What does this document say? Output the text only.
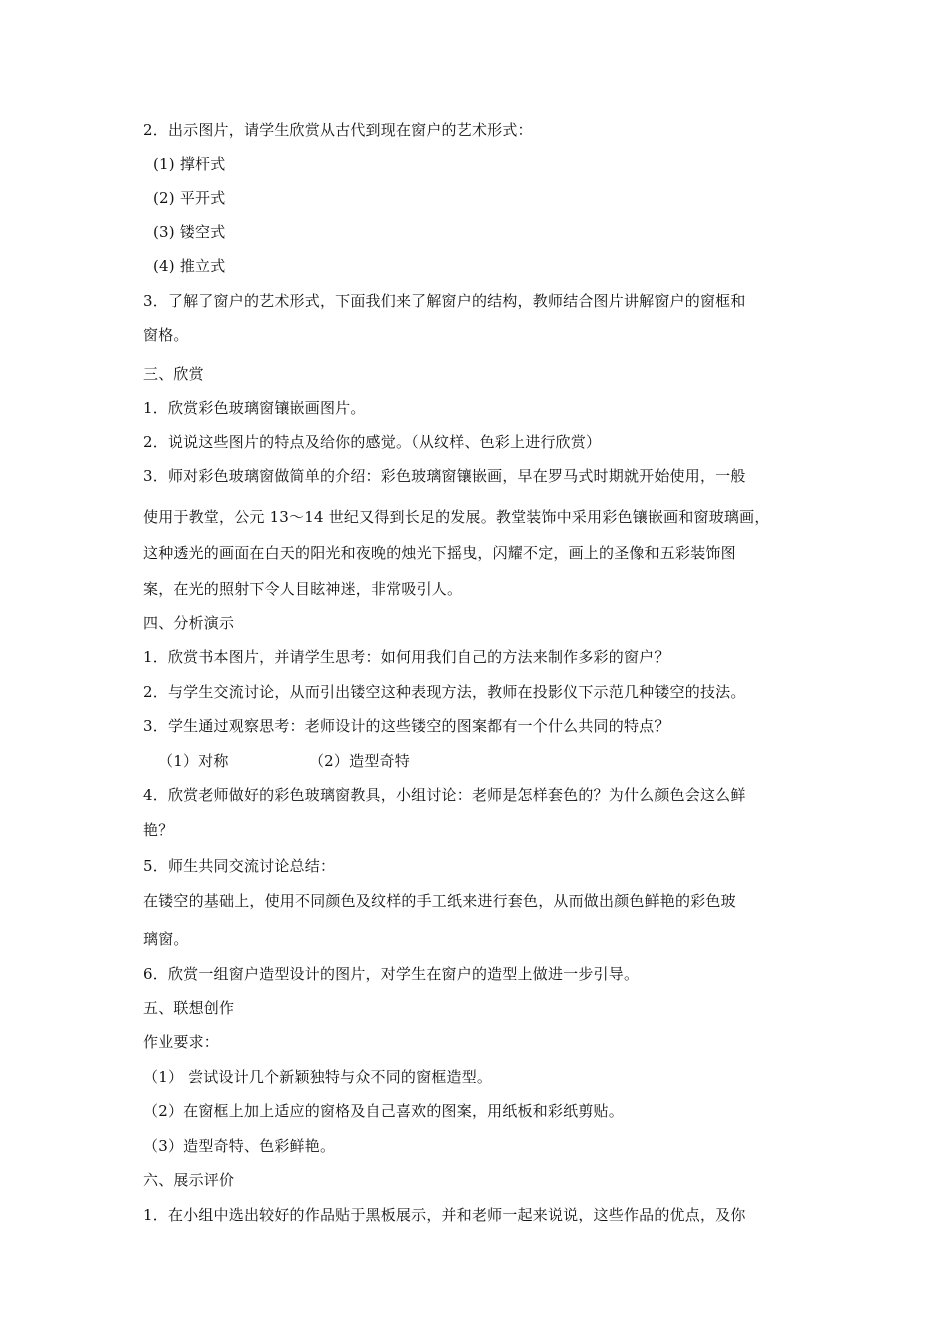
2．出示图片，请学生欣赏从古代到现在窗户的艺术形式：
(1) 撑杆式
(2) 平开式
(3) 镂空式
(4) 推立式
3．了解了窗户的艺术形式，下面我们来了解窗户的结构，教师结合图片讲解窗户的窗框和
窗格。
三、欣赏
1．欣赏彩色玻璃窗镶嵌画图片。
2．说说这些图片的特点及给你的感觉。（从纹样、色彩上进行欣赏）
3．师对彩色玻璃窗做简单的介绍：彩色玻璃窗镶嵌画，早在罗马式时期就开始使用，一般
使用于教堂，公元 13～14 世纪又得到长足的发展。教堂装饰中采用彩色镶嵌画和窗玻璃画，
这种透光的画面在白天的阳光和夜晚的烛光下摇曳，闪耀不定，画上的圣像和五彩装饰图
案，在光的照射下令人目眩神迷，非常吸引人。
四、分析演示
1．欣赏书本图片，并请学生思考：如何用我们自己的方法来制作多彩的窗户？
2．与学生交流讨论，从而引出镂空这种表现方法，教师在投影仪下示范几种镂空的技法。
3．学生通过观察思考：老师设计的这些镂空的图案都有一个什么共同的特点？
（1）对称	（2）造型奇特
4．欣赏老师做好的彩色玻璃窗教具，小组讨论：老师是怎样套色的？为什么颜色会这么鲜
艳？
5．师生共同交流讨论总结：
在镂空的基础上，使用不同颜色及纹样的手工纸来进行套色，从而做出颜色鲜艳的彩色玻
璃窗。
6．欣赏一组窗户造型设计的图片，对学生在窗户的造型上做进一步引导。
五、联想创作
作业要求：
（1） 尝试设计几个新颖独特与众不同的窗框造型。
（2）在窗框上加上适应的窗格及自己喜欢的图案，用纸板和彩纸剪贴。
（3）造型奇特、色彩鲜艳。
六、展示评价
1．在小组中选出较好的作品贴于黑板展示，并和老师一起来说说，这些作品的优点，及你
